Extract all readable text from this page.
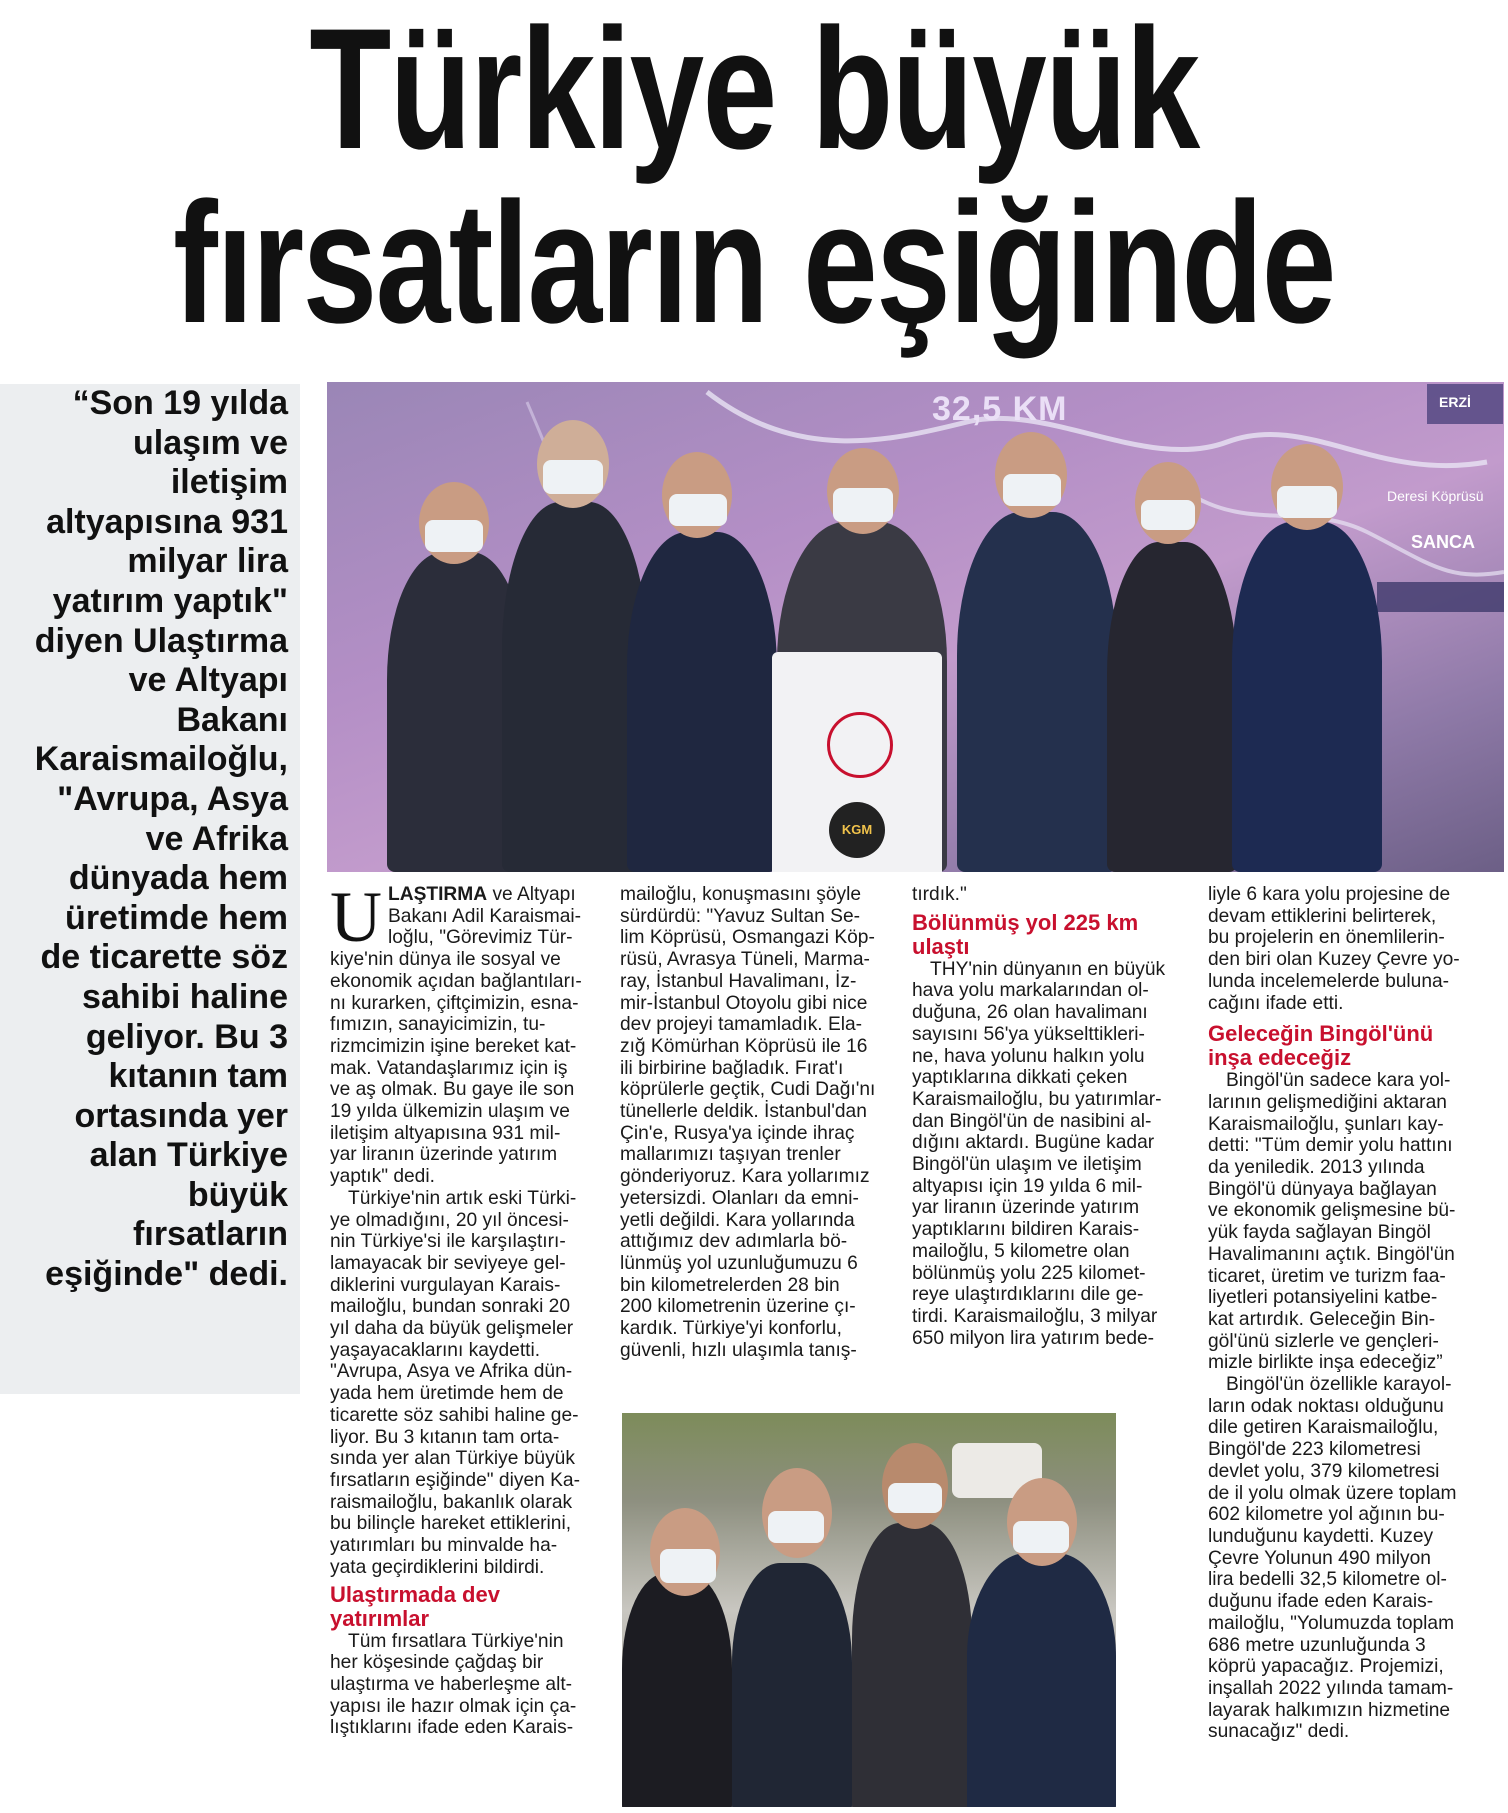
Türkiye büyük
fırsatların eşiğinde
“Son 19 yılda
ulaşım ve
iletişim
altyapısına 931
milyar lira
yatırım yaptık"
diyen Ulaştırma
ve Altyapı
Bakanı
Karaismailoğlu,
"Avrupa, Asya
ve Afrika
dünyada hem
üretimde hem
de ticarette söz
sahibi haline
geliyor. Bu 3
kıtanın tam
ortasında yer
alan Türkiye
büyük
fırsatların
eşiğinde" dedi.
32,5 KM	ERZİ
Deresi Köprüsü
SANCA
KGM
U LAŞTIRMA ve Altyapı
Bakanı Adil Karaismai-
loğlu, "Görevimiz Tür-
kiye'nin dünya ile sosyal ve
ekonomik açıdan bağlantıları-
nı kurarken, çiftçimizin, esna-
fımızın, sanayicimizin, tu-
rizmcimizin işine bereket kat-
mak. Vatandaşlarımız için iş
ve aş olmak. Bu gaye ile son
19 yılda ülkemizin ulaşım ve
iletişim altyapısına 931 mil-
yar liranın üzerinde yatırım
yaptık" dedi.
Türkiye'nin artık eski Türki-
ye olmadığını, 20 yıl öncesi-
nin Türkiye'si ile karşılaştırı-
lamayacak bir seviyeye gel-
diklerini vurgulayan Karais-
mailoğlu, bundan sonraki 20
yıl daha da büyük gelişmeler
yaşayacaklarını kaydetti.
"Avrupa, Asya ve Afrika dün-
yada hem üretimde hem de
ticarette söz sahibi haline ge-
liyor. Bu 3 kıtanın tam orta-
sında yer alan Türkiye büyük
fırsatların eşiğinde" diyen Ka-
raismailoğlu, bakanlık olarak
bu bilinçle hareket ettiklerini,
yatırımları bu minvalde ha-
yata geçirdiklerini bildirdi.
Ulaştırmada dev
yatırımlar
Tüm fırsatlara Türkiye'nin
her köşesinde çağdaş bir
ulaştırma ve haberleşme alt-
yapısı ile hazır olmak için ça-
lıştıklarını ifade eden Karais-
mailoğlu, konuşmasını şöyle
sürdürdü: "Yavuz Sultan Se-
lim Köprüsü, Osmangazi Köp-
rüsü, Avrasya Tüneli, Marma-
ray, İstanbul Havalimanı, İz-
mir-İstanbul Otoyolu gibi nice
dev projeyi tamamladık. Ela-
zığ Kömürhan Köprüsü ile 16
ili birbirine bağladık. Fırat'ı
köprülerle geçtik, Cudi Dağı'nı
tünellerle deldik. İstanbul'dan
Çin'e, Rusya'ya içinde ihraç
mallarımızı taşıyan trenler
gönderiyoruz. Kara yollarımız
yetersizdi. Olanları da emni-
yetli değildi. Kara yollarında
attığımız dev adımlarla bö-
lünmüş yol uzunluğumuzu 6
bin kilometrelerden 28 bin
200 kilometrenin üzerine çı-
kardık. Türkiye'yi konforlu,
güvenli, hızlı ulaşımla tanış-
tırdık."
Bölünmüş yol 225 km
ulaştı
THY'nin dünyanın en büyük
hava yolu markalarından ol-
duğuna, 26 olan havalimanı
sayısını 56'ya yükselttikleri-
ne, hava yolunu halkın yolu
yaptıklarına dikkati çeken
Karaismailoğlu, bu yatırımlar-
dan Bingöl'ün de nasibini al-
dığını aktardı. Bugüne kadar
Bingöl'ün ulaşım ve iletişim
altyapısı için 19 yılda 6 mil-
yar liranın üzerinde yatırım
yaptıklarını bildiren Karais-
mailoğlu, 5 kilometre olan
bölünmüş yolu 225 kilomet-
reye ulaştırdıklarını dile ge-
tirdi. Karaismailoğlu, 3 milyar
650 milyon lira yatırım bede-
liyle 6 kara yolu projesine de
devam ettiklerini belirterek,
bu projelerin en önemlilerin-
den biri olan Kuzey Çevre yo-
lunda incelemelerde buluna-
cağını ifade etti.
Geleceğin Bingöl'ünü
inşa edeceğiz
Bingöl'ün sadece kara yol-
larının gelişmediğini aktaran
Karaismailoğlu, şunları kay-
detti: "Tüm demir yolu hattını
da yeniledik. 2013 yılında
Bingöl'ü dünyaya bağlayan
ve ekonomik gelişmesine bü-
yük fayda sağlayan Bingöl
Havalimanını açtık. Bingöl'ün
ticaret, üretim ve turizm faa-
liyetleri potansiyelini katbe-
kat artırdık. Geleceğin Bin-
göl'ünü sizlerle ve gençleri-
mizle birlikte inşa edeceğiz”
Bingöl'ün özellikle karayol-
ların odak noktası olduğunu
dile getiren Karaismailoğlu,
Bingöl'de 223 kilometresi
devlet yolu, 379 kilometresi
de il yolu olmak üzere toplam
602 kilometre yol ağının bu-
lunduğunu kaydetti. Kuzey
Çevre Yolunun 490 milyon
lira bedelli 32,5 kilometre ol-
duğunu ifade eden Karais-
mailoğlu, "Yolumuzda toplam
686 metre uzunluğunda 3
köprü yapacağız. Projemizi,
inşallah 2022 yılında tamam-
layarak halkımızın hizmetine
sunacağız" dedi.
